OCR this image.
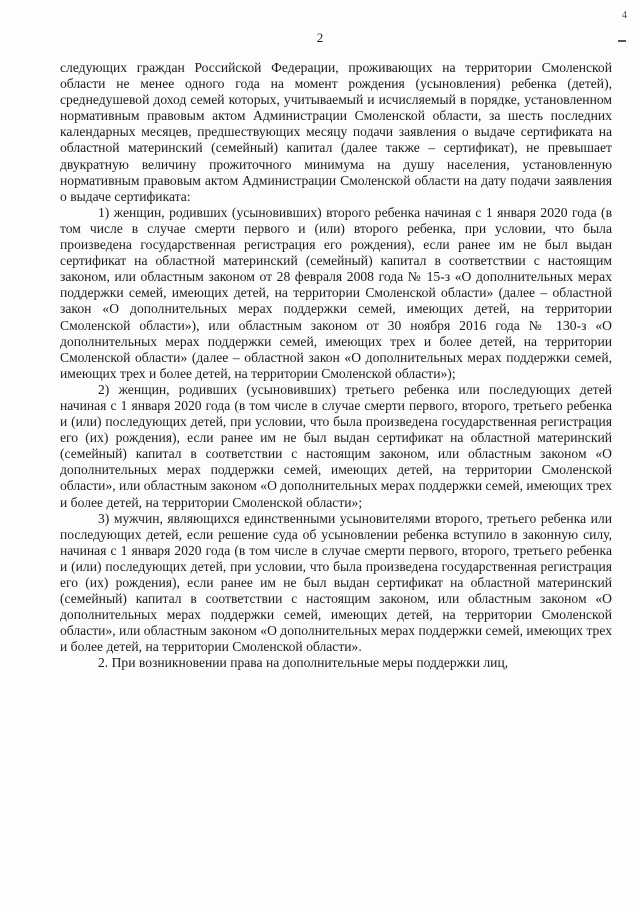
2
4

следующих граждан Российской Федерации, проживающих на территории Смоленской области не менее одного года на момент рождения (усыновления) ребенка (детей), среднедушевой доход семей которых, учитываемый и исчисляемый в порядке, установленном нормативным правовым актом Администрации Смоленской области, за шесть последних календарных месяцев, предшествующих месяцу подачи заявления о выдаче сертификата на областной материнский (семейный) капитал (далее также – сертификат), не превышает двукратную величину прожиточного минимума на душу населения, установленную нормативным правовым актом Администрации Смоленской области на дату подачи заявления о выдаче сертификата:

1) женщин, родивших (усыновивших) второго ребенка начиная с 1 января 2020 года (в том числе в случае смерти первого и (или) второго ребенка, при условии, что была произведена государственная регистрация его рождения), если ранее им не был выдан сертификат на областной материнский (семейный) капитал в соответствии с настоящим законом, или областным законом от 28 февраля 2008 года № 15-з «О дополнительных мерах поддержки семей, имеющих детей, на территории Смоленской области» (далее – областной закон «О дополнительных мерах поддержки семей, имеющих детей, на территории Смоленской области»), или областным законом от 30 ноября 2016 года № 130-з «О дополнительных мерах поддержки семей, имеющих трех и более детей, на территории Смоленской области» (далее – областной закон «О дополнительных мерах поддержки семей, имеющих трех и более детей, на территории Смоленской области»);

2) женщин, родивших (усыновивших) третьего ребенка или последующих детей начиная с 1 января 2020 года (в том числе в случае смерти первого, второго, третьего ребенка и (или) последующих детей, при условии, что была произведена государственная регистрация его (их) рождения), если ранее им не был выдан сертификат на областной материнский (семейный) капитал в соответствии с настоящим законом, или областным законом «О дополнительных мерах поддержки семей, имеющих детей, на территории Смоленской области», или областным законом «О дополнительных мерах поддержки семей, имеющих трех и более детей, на территории Смоленской области»;

3) мужчин, являющихся единственными усыновителями второго, третьего ребенка или последующих детей, если решение суда об усыновлении ребенка вступило в законную силу, начиная с 1 января 2020 года (в том числе в случае смерти первого, второго, третьего ребенка и (или) последующих детей, при условии, что была произведена государственная регистрация его (их) рождения), если ранее им не был выдан сертификат на областной материнский (семейный) капитал в соответствии с настоящим законом, или областным законом «О дополнительных мерах поддержки семей, имеющих детей, на территории Смоленской области», или областным законом «О дополнительных мерах поддержки семей, имеющих трех и более детей, на территории Смоленской области».

2. При возникновении права на дополнительные меры поддержки лиц,
